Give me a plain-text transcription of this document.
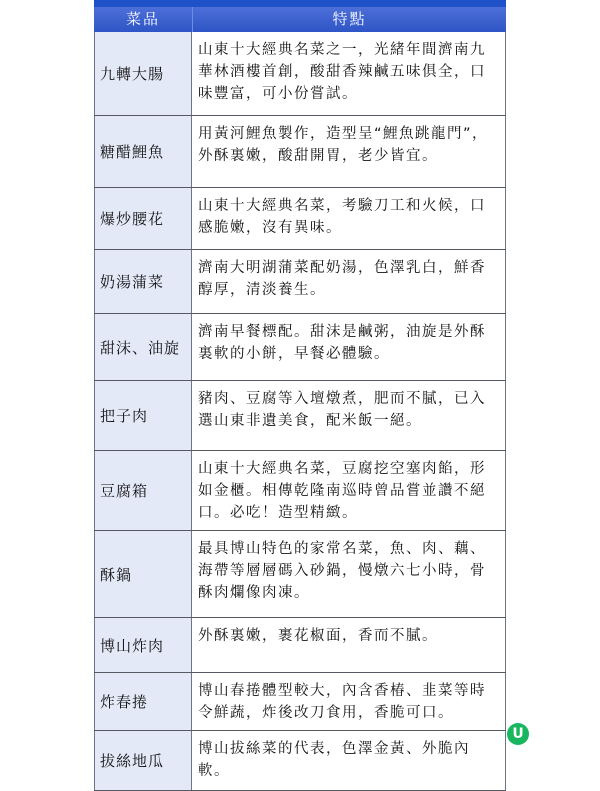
菜品	特點
九轉大腸
山東十大經典名菜之一，光緒年間濟南九華林酒樓首創，酸甜香辣鹹五味俱全，口味豐富，可小份嘗試。
糖醋鯉魚
用黃河鯉魚製作，造型呈“鯉魚跳龍門”，外酥裏嫩，酸甜開胃，老少皆宜。
爆炒腰花
山東十大經典名菜，考驗刀工和火候，口感脆嫩，沒有異味。
奶湯蒲菜
濟南大明湖蒲菜配奶湯，色澤乳白，鮮香醇厚，清淡養生。
甜沫、油旋
濟南早餐標配。甜沫是鹹粥，油旋是外酥裏軟的小餅，早餐必體驗。
把子肉
豬肉、豆腐等入壇燉煮，肥而不膩，已入選山東非遺美食，配米飯一絕。
豆腐箱
山東十大經典名菜，豆腐挖空塞肉餡，形如金櫃。相傳乾隆南巡時曾品嘗並讚不絕口。必吃！造型精緻。
酥鍋
最具博山特色的家常名菜，魚、肉、藕、海帶等層層碼入砂鍋，慢燉六七小時，骨酥肉爛像肉凍。
博山炸肉
外酥裏嫩，裹花椒面，香而不膩。
炸春捲
博山春捲體型較大，內含香椿、韭菜等時令鮮蔬，炸後改刀食用，香脆可口。
拔絲地瓜
博山拔絲菜的代表，色澤金黃、外脆內軟。
U
